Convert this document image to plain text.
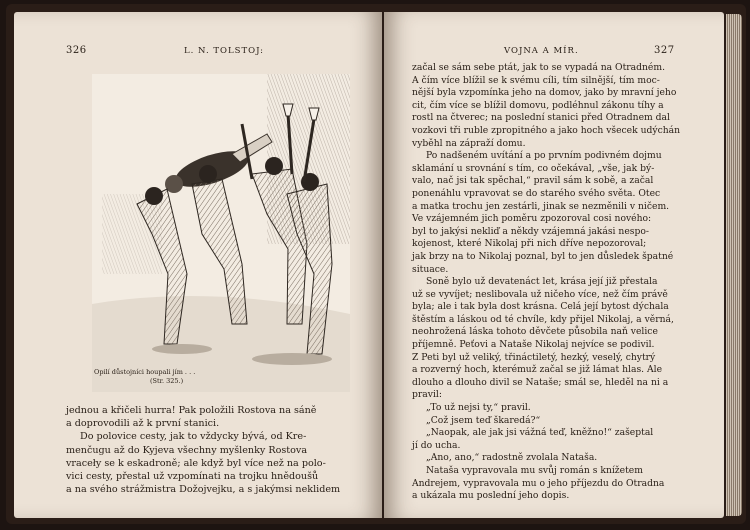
326	L. N. TOLSTOJ:
Opilí důstojníci houpali jím . . .
(Str. 325.)

jednou a křičeli hurra! Pak položili Rostova na sáně

a doprovodili až k první stanici.

Do polovice cesty, jak to vždycky bývá, od Kre-

menčugu až do Kyjeva všechny myšlenky Rostova

vraceły se k eskadroně; ale když byl více než na polo-

vici cesty, přestal už vzpomínati na trojku hnědoušů

a na svého strážmistra Dožojvejku, a s jakýmsi neklidem

VOJNA A MÍR.	327

začal se sám sebe ptát, jak to se vypadá na Otradném.

A čím více blížil se k svému cíli, tím silnější, tím moc-

nější byla vzpomínka jeho na domov, jako by mravní jeho

cit, čím více se blížil domovu, podléhnul zákonu tíhy a

rostl na čtverec; na poslední stanici před Otradnem dal

vozkovi tři ruble zpropitného a jako hoch všecek udýchán

vyběhl na zápraží domu.

Po nadšeném uvítání a po prvním podivném dojmu

sklamání u srovnání s tím, co očekával, „vše, jak bý-

valo, nač jsi tak spěchal,“ pravil sám k sobě, a začal

ponenáhlu vpravovat se do starého svého světa. Otec

a matka trochu jen zestárli, jinak se nezměnili v ničem.

Ve vzájemném jich poměru zpozoroval cosi nového:

byl to jakýsi nekliď a někdy vzájemná jakási nespo-

kojenost, které Nikolaj při nich dříve nepozoroval;

jak brzy na to Nikolaj poznal, byl to jen důsledek špatné

situace.

Soně bylo už devatenáct let, krása její již přestala

už se vyvíjet; neslibovala už ničeho více, než čím právě

byla; ale i tak byla dost krásna. Celá její bytost dýchala

štěstím a láskou od té chvíle, kdy přijel Nikolaj, a věrná,

neohrožená láska tohoto děvčete působila naň velice

příjemně. Peťovi a Nataše Nikolaj nejvíce se podivil.

Z Peti byl už veliký, třináctiletý, hezký, veselý, chytrý

a rozverný hoch, kterémuž začal se již lámat hlas. Ale

dlouho a dlouho divil se Nataše; smál se, hleděl na ni a

pravil:

„To už nejsi ty,“ pravil.

„Což jsem teď škaredá?“

„Naopak, ale jak jsi vážná teď, kněžno!“ zašeptal

jí do ucha.

„Ano, ano,“ radostně zvolala Nataša.

Nataša vypravovala mu svůj román s knížetem

Andrejem, vypravovala mu o jeho příjezdu do Otradna

a ukázala mu poslední jeho dopis.
